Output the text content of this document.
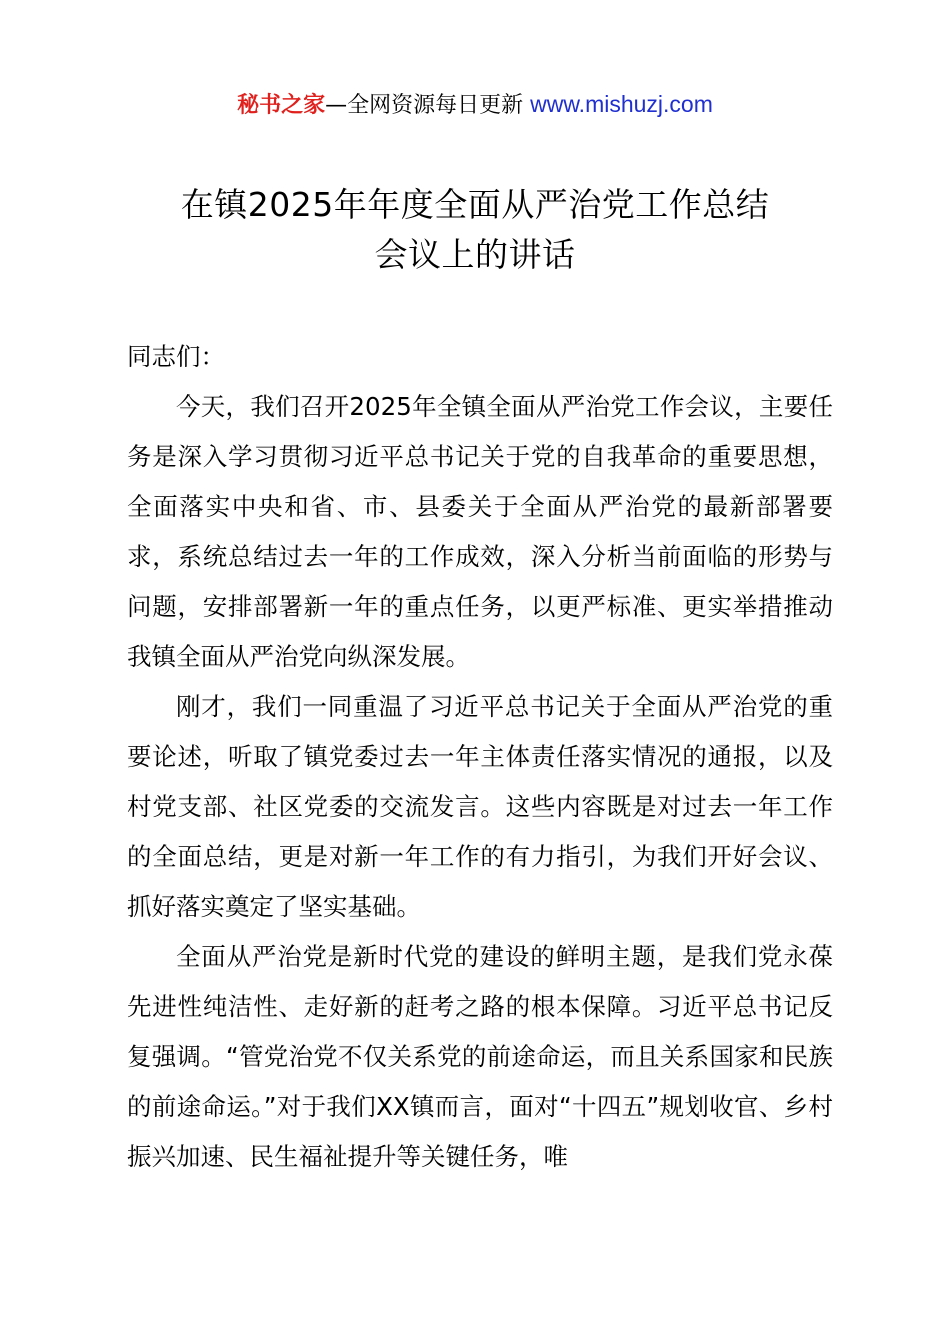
秘书之家—全网资源每日更新 www.mishuzj.com
在镇2025年年度全面从严治党工作总结
会议上的讲话

同志们：

今天，我们召开2025年全镇全面从严治党工作会议，主要任务是深入学习贯彻习近平总书记关于党的自我革命的重要思想，全面落实中央和省、市、县委关于全面从严治党的最新部署要求，系统总结过去一年的工作成效，深入分析当前面临的形势与问题，安排部署新一年的重点任务，以更严标准、更实举措推动我镇全面从严治党向纵深发展。

刚才，我们一同重温了习近平总书记关于全面从严治党的重要论述，听取了镇党委过去一年主体责任落实情况的通报，以及村党支部、社区党委的交流发言。这些内容既是对过去一年工作的全面总结，更是对新一年工作的有力指引，为我们开好会议、抓好落实奠定了坚实基础。

全面从严治党是新时代党的建设的鲜明主题，是我们党永葆先进性纯洁性、走好新的赶考之路的根本保障。习近平总书记反复强调。“管党治党不仅关系党的前途命运，而且关系国家和民族的前途命运。”对于我们XX镇而言，面对“十四五”规划收官、乡村振兴加速、民生福祉提升等关键任务，唯
